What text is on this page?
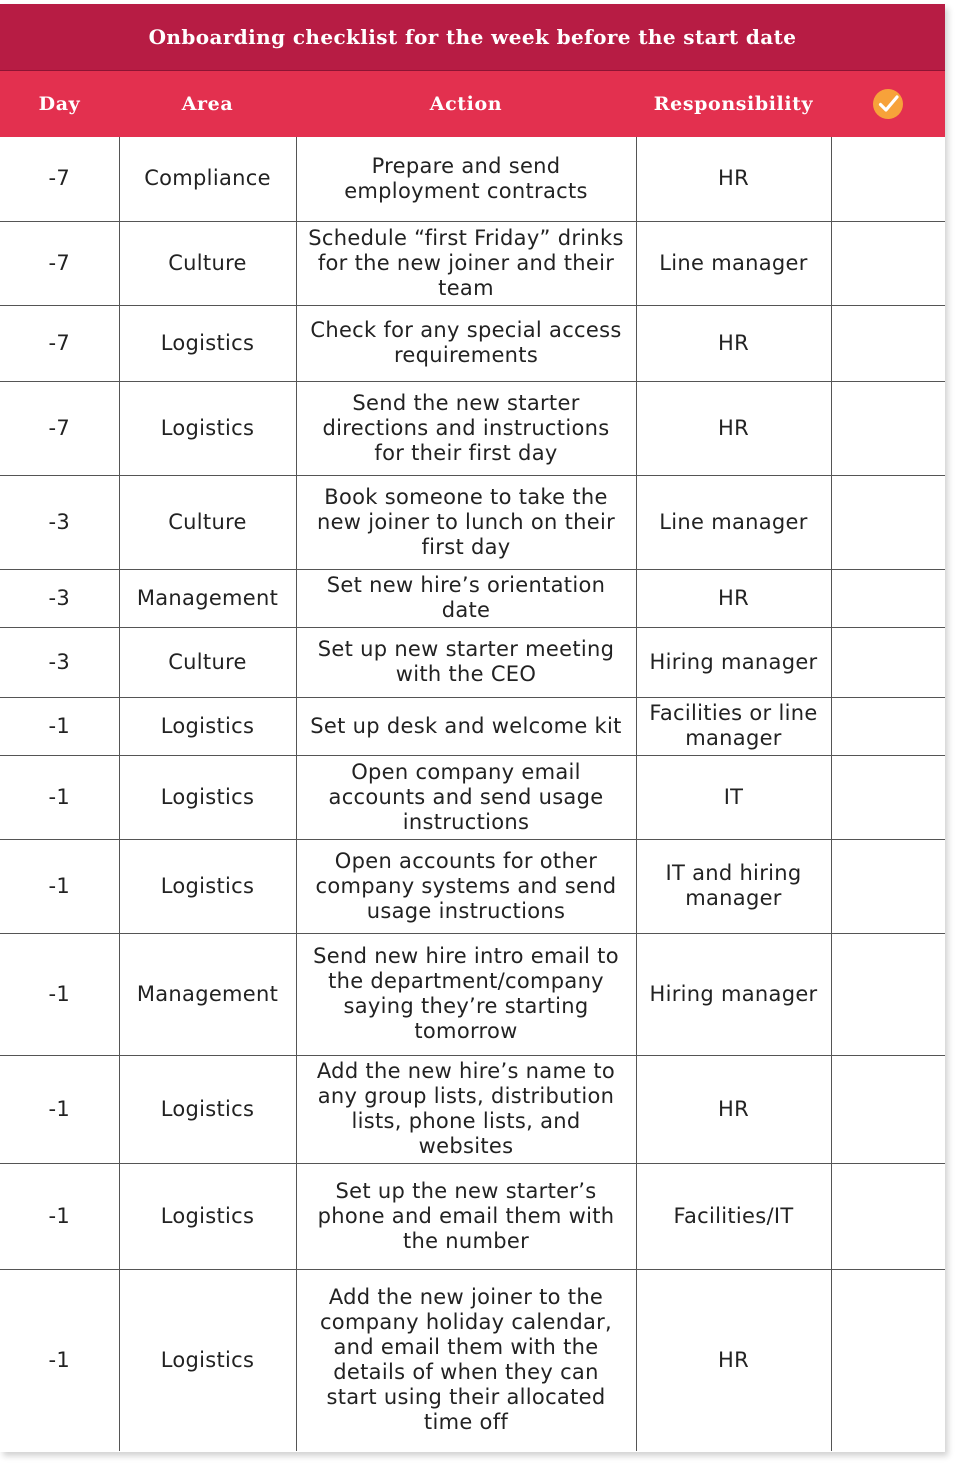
Onboarding checklist for the week before the start date
Day	Area	Action	Responsibility	
-7	Compliance	Prepare and send employment contracts	HR	
-7	Culture	Schedule “first Friday” drinks for the new joiner and their team	Line manager	
-7	Logistics	Check for any special access requirements	HR	
-7	Logistics	Send the new starter directions and instructions for their first day	HR	
-3	Culture	Book someone to take the new joiner to lunch on their first day	Line manager	
-3	Management	Set new hire’s orientation date	HR	
-3	Culture	Set up new starter meeting with the CEO	Hiring manager	
-1	Logistics	Set up desk and welcome kit	Facilities or line manager	
-1	Logistics	Open company email accounts and send usage instructions	IT	
-1	Logistics	Open accounts for other company systems and send usage instructions	IT and hiring manager	
-1	Management	Send new hire intro email to the department/company saying they’re starting tomorrow	Hiring manager	
-1	Logistics	Add the new hire’s name to any group lists, distribution lists, phone lists, and websites	HR	
-1	Logistics	Set up the new starter’s phone and email them with the number	Facilities/IT	
-1	Logistics	Add the new joiner to the company holiday calendar, and email them with the details of when they can start using their allocated time off	HR	
